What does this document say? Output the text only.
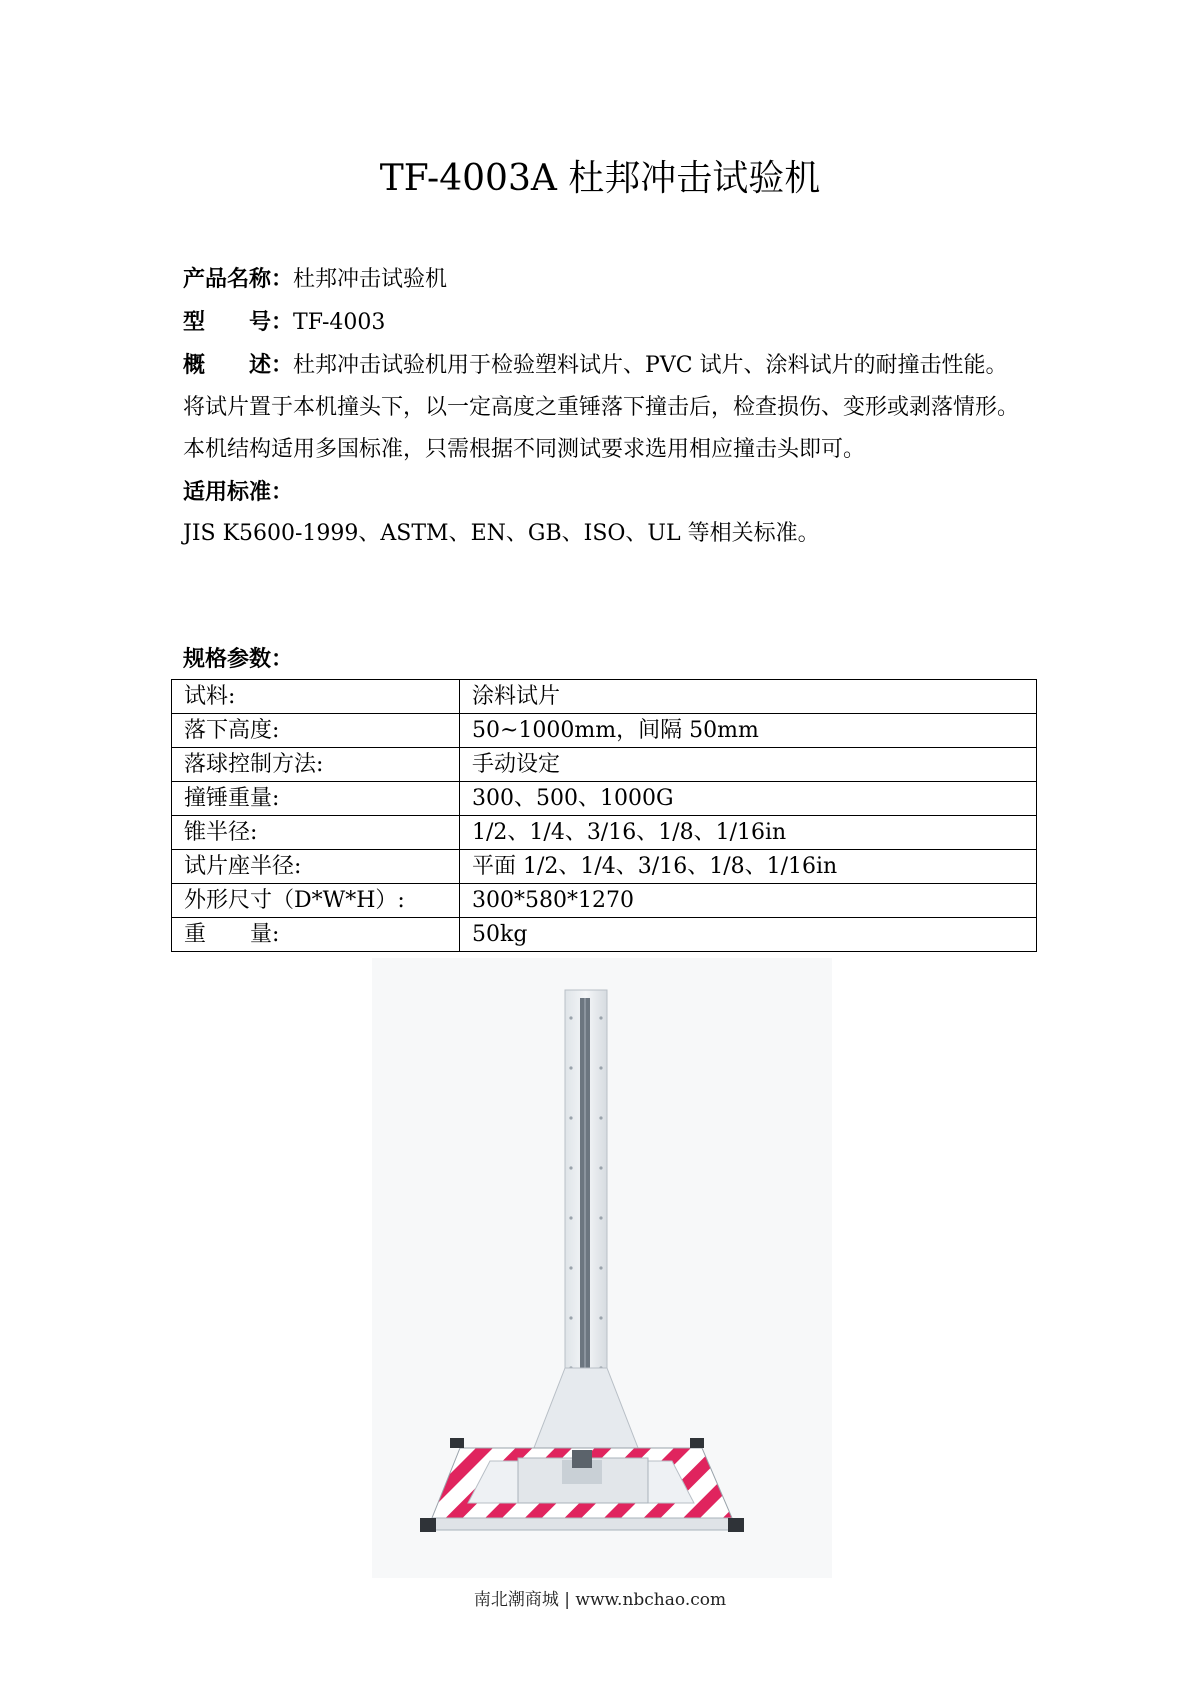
TF-4003A 杜邦冲击试验机

产品名称：杜邦冲击试验机

型　　号：TF-4003

概　　述：杜邦冲击试验机用于检验塑料试片、PVC 试片、涂料试片的耐撞击性能。将试片置于本机撞头下，以一定高度之重锤落下撞击后，检查损伤、变形或剥落情形。

本机结构适用多国标准，只需根据不同测试要求选用相应撞击头即可。

适用标准：

JIS K5600-1999、ASTM、EN、GB、ISO、UL 等相关标准。

规格参数：
试料:	涂料试片
落下高度:	50~1000mm，间隔 50mm
落球控制方法:	手动设定
撞锤重量:	300、500、1000G
锥半径:	1/2、1/4、3/16、1/8、1/16in
试片座半径:	平面 1/2、1/4、3/16、1/8、1/16in
外形尺寸（D*W*H）:	300*580*1270
重　　量:	50kg
南北潮商城 | www.nbchao.com
